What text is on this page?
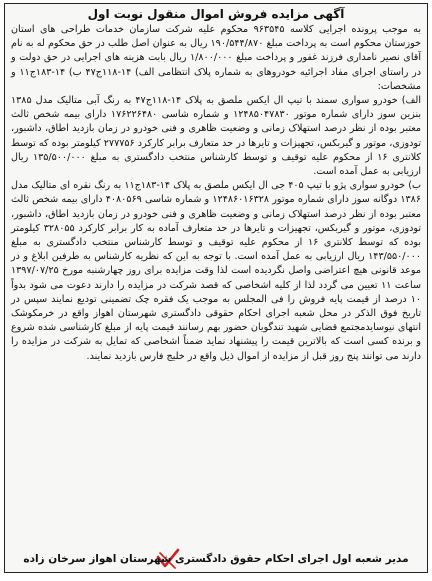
آگهی مزایده فروش اموال منقول نوبت اول

به موجب پرونده اجرایی کلاسه ۹۶۳۵۴۵ محکوم علیه شرکت سازمان خدمات طراحی های استان خوزستان محکوم است به پرداخت مبلغ ۱۹۰/۵۴۴/۸۷۰ ریال به عنوان اصل طلب در حق محکوم له به نام آقای نصیر نامداری فرزند غفور و پرداخت مبلغ ۱/۸۰۰/۰۰۰ ریال بابت هزینه های اجرایی در حق دولت و در راستای اجرای مفاد اجرائیه خودروهای به شماره پلاک انتظامی الف) ۱۴-۱۱۸ج۴۷ ب) ۱۴-۱۸۳ج۱۱ و مشخصات:

الف) خودرو سواری سمند با تیپ ال ایکس ملصق به پلاک ۱۴-۱۱۸ج۴۷ به رنگ آبی متالیک مدل ۱۳۸۵ بنزین سوز دارای شماره موتور ۱۲۴۸۵۰۴۷۸۳۰ و شماره شاسی ۱۷۶۲۲۶۴۸۰ دارای بیمه شخص ثالث معتبر بوده از نظر درصد استهلاک زمانی و وضعیت ظاهری و فنی خودرو در زمان بازدید اطاق، داشبور، تودوزی، موتور و گیربکس، تجهیزات و تایرها در حد متعارف برابر کارکرد ۲۷۷۷۵۶ کیلومتر بوده که توسط کلانتری ۱۶ از محکوم علیه توقیف و توسط کارشناس منتخب دادگستری به مبلغ ۱۳۵/۵۰۰/۰۰۰ ریال ارزیابی به عمل آمده است.

ب) خودرو سواری پژو با تیپ ۴۰۵ جی ال ایکس ملصق به پلاک ۱۴-۱۸۳ج۱۱ به رنگ نقره ای متالیک مدل ۱۳۸۶ دوگانه سوز دارای شماره موتور ۱۲۴۸۶۰۱۶۳۲۸ و شماره شاسی ۴۰۸۰۵۶۹ دارای بیمه شخص ثالث معتبر بوده از نظر درصد استهلاک زمانی و وضعیت ظاهری و فنی خودرو در زمان بازدید اطاق، داشبور، تودوزی، موتور و گیربکس، تجهیزات و تایرها در حد متعارف آماده به کار برابر کارکرد ۳۲۸۰۵۵ کیلومتر بوده که توسط کلانتری ۱۶ از محکوم علیه توقیف و توسط کارشناس منتخب دادگستری به مبلغ ۱۴۳/۵۵۰/۰۰۰ ریال ارزیابی به عمل آمده است. با توجه به این که نظریه کارشناس به طرفین ابلاغ و در موعد قانونی هیچ اعتراضی واصل نگردیده است لذا وقت مزایده برای روز چهارشنبه مورخ ۱۳۹۷/۰۷/۲۵ ساعت ۱۱ تعیین می گردد لذا از کلیه اشخاصی که قصد شرکت در مزایده را دارند دعوت می شود بدواً ۱۰ درصد از قیمت پایه فروش را فی المجلس به موجب یک فقره چک تضمینی تودیع نمایند سپس در تاریخ فوق الذکر در محل شعبه اجرای احکام حقوقی دادگستری شهرستان اهواز واقع در خرمکوشک انتهای نیوسایدمجتمع قضایی شهید تندگویان حضور بهم رسانند قیمت پایه از مبلغ کارشناسی شده شروع و برنده کسی است که بالاترین قیمت را پیشنهاد نماید ضمناً اشخاصی که تمایل به شرکت در مزایده را دارند می توانند پنج روز قبل از مزایده از اموال ذیل واقع در خلیج فارس بازدید نمایند.

مدیر شعبه اول اجرای احکام حقوق دادگستری شهرستان اهواز سرخان زاده
